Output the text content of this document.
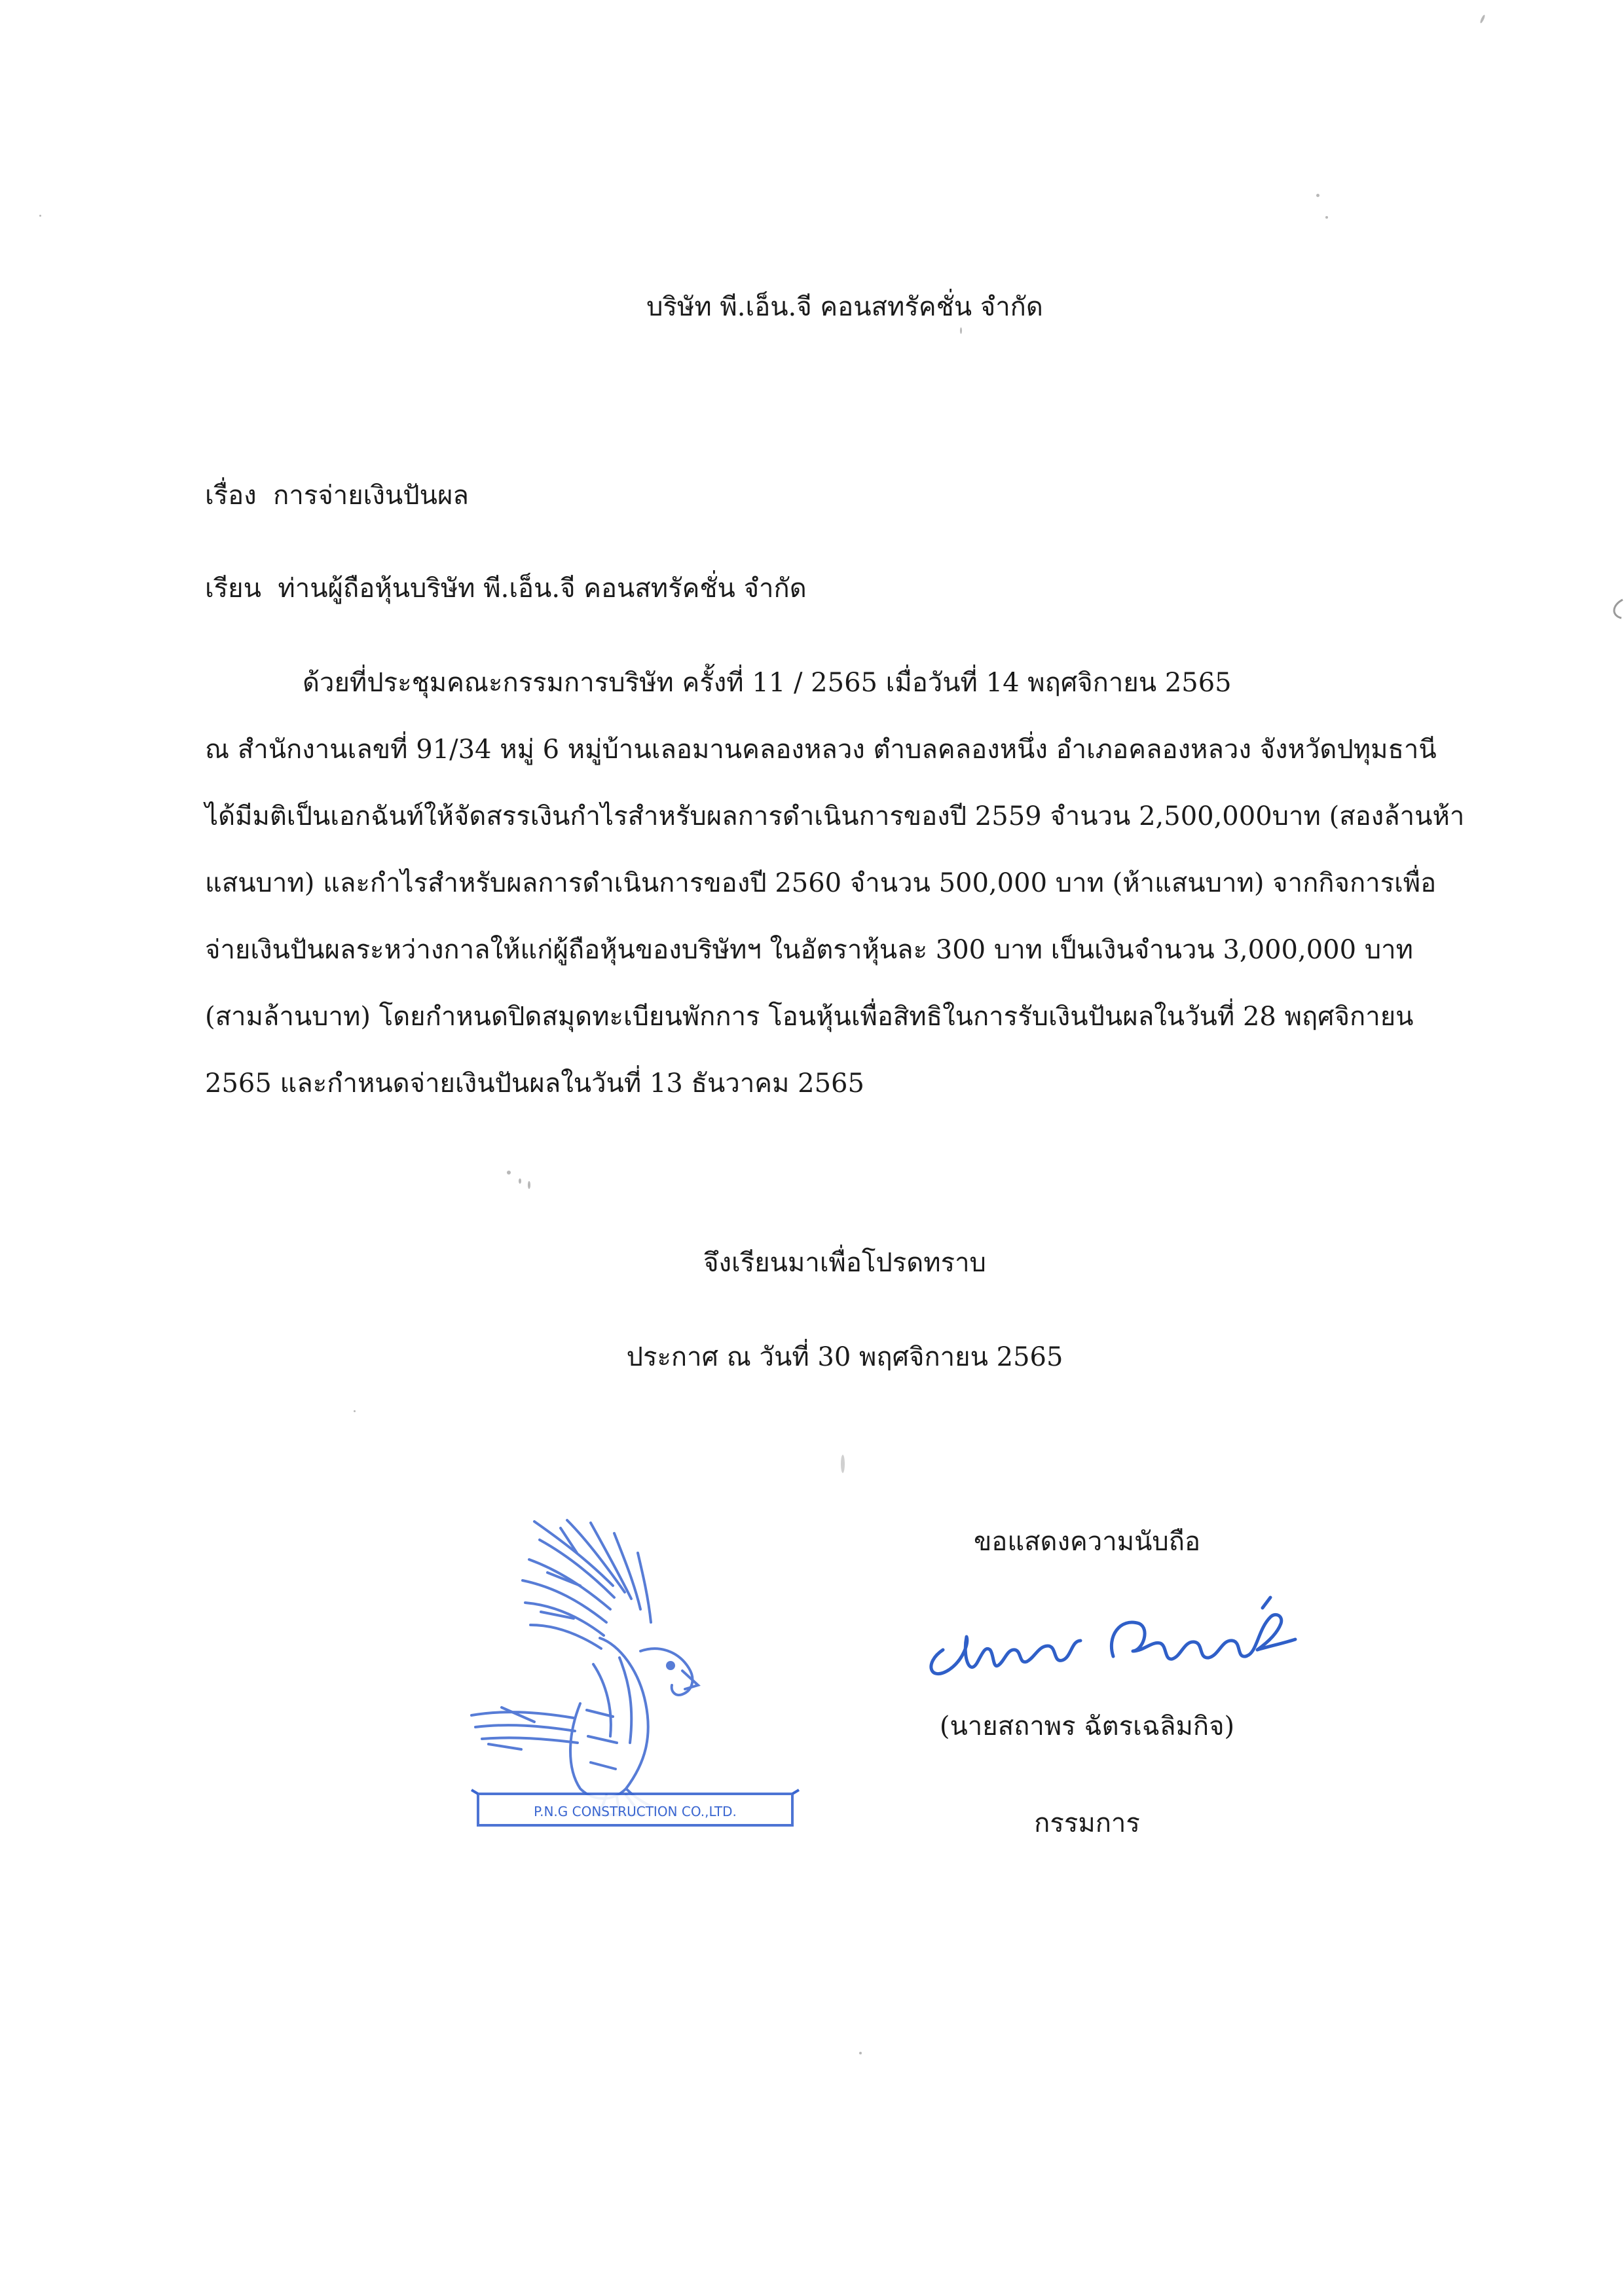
บริษัท พี.เอ็น.จี คอนสทรัคชั่น จำกัด
เรื่อง การจ่ายเงินปันผล
เรียน ท่านผู้ถือหุ้นบริษัท พี.เอ็น.จี คอนสทรัคชั่น จำกัด
ด้วยที่ประชุมคณะกรรมการบริษัท ครั้งที่ 11 / 2565 เมื่อวันที่ 14 พฤศจิกายน 2565
ณ สำนักงานเลขที่ 91/34 หมู่ 6 หมู่บ้านเลอมานคลองหลวง ตำบลคลองหนึ่ง อำเภอคลองหลวง จังหวัดปทุมธานี
ได้มีมติเป็นเอกฉันท์ให้จัดสรรเงินกำไรสำหรับผลการดำเนินการของปี 2559 จำนวน 2,500,000บาท (สองล้านห้า
แสนบาท) และกำไรสำหรับผลการดำเนินการของปี 2560 จำนวน 500,000 บาท (ห้าแสนบาท) จากกิจการเพื่อ
จ่ายเงินปันผลระหว่างกาลให้แก่ผู้ถือหุ้นของบริษัทฯ ในอัตราหุ้นละ 300 บาท เป็นเงินจำนวน 3,000,000 บาท
(สามล้านบาท) โดยกำหนดปิดสมุดทะเบียนพักการ โอนหุ้นเพื่อสิทธิในการรับเงินปันผลในวันที่ 28 พฤศจิกายน
2565 และกำหนดจ่ายเงินปันผลในวันที่ 13 ธันวาคม 2565
จึงเรียนมาเพื่อโปรดทราบ
ประกาศ ณ วันที่ 30 พฤศจิกายน 2565
ขอแสดงความนับถือ
P.N.G CONSTRUCTION CO.,LTD.
(นายสถาพร ฉัตรเฉลิมกิจ)
กรรมการ
